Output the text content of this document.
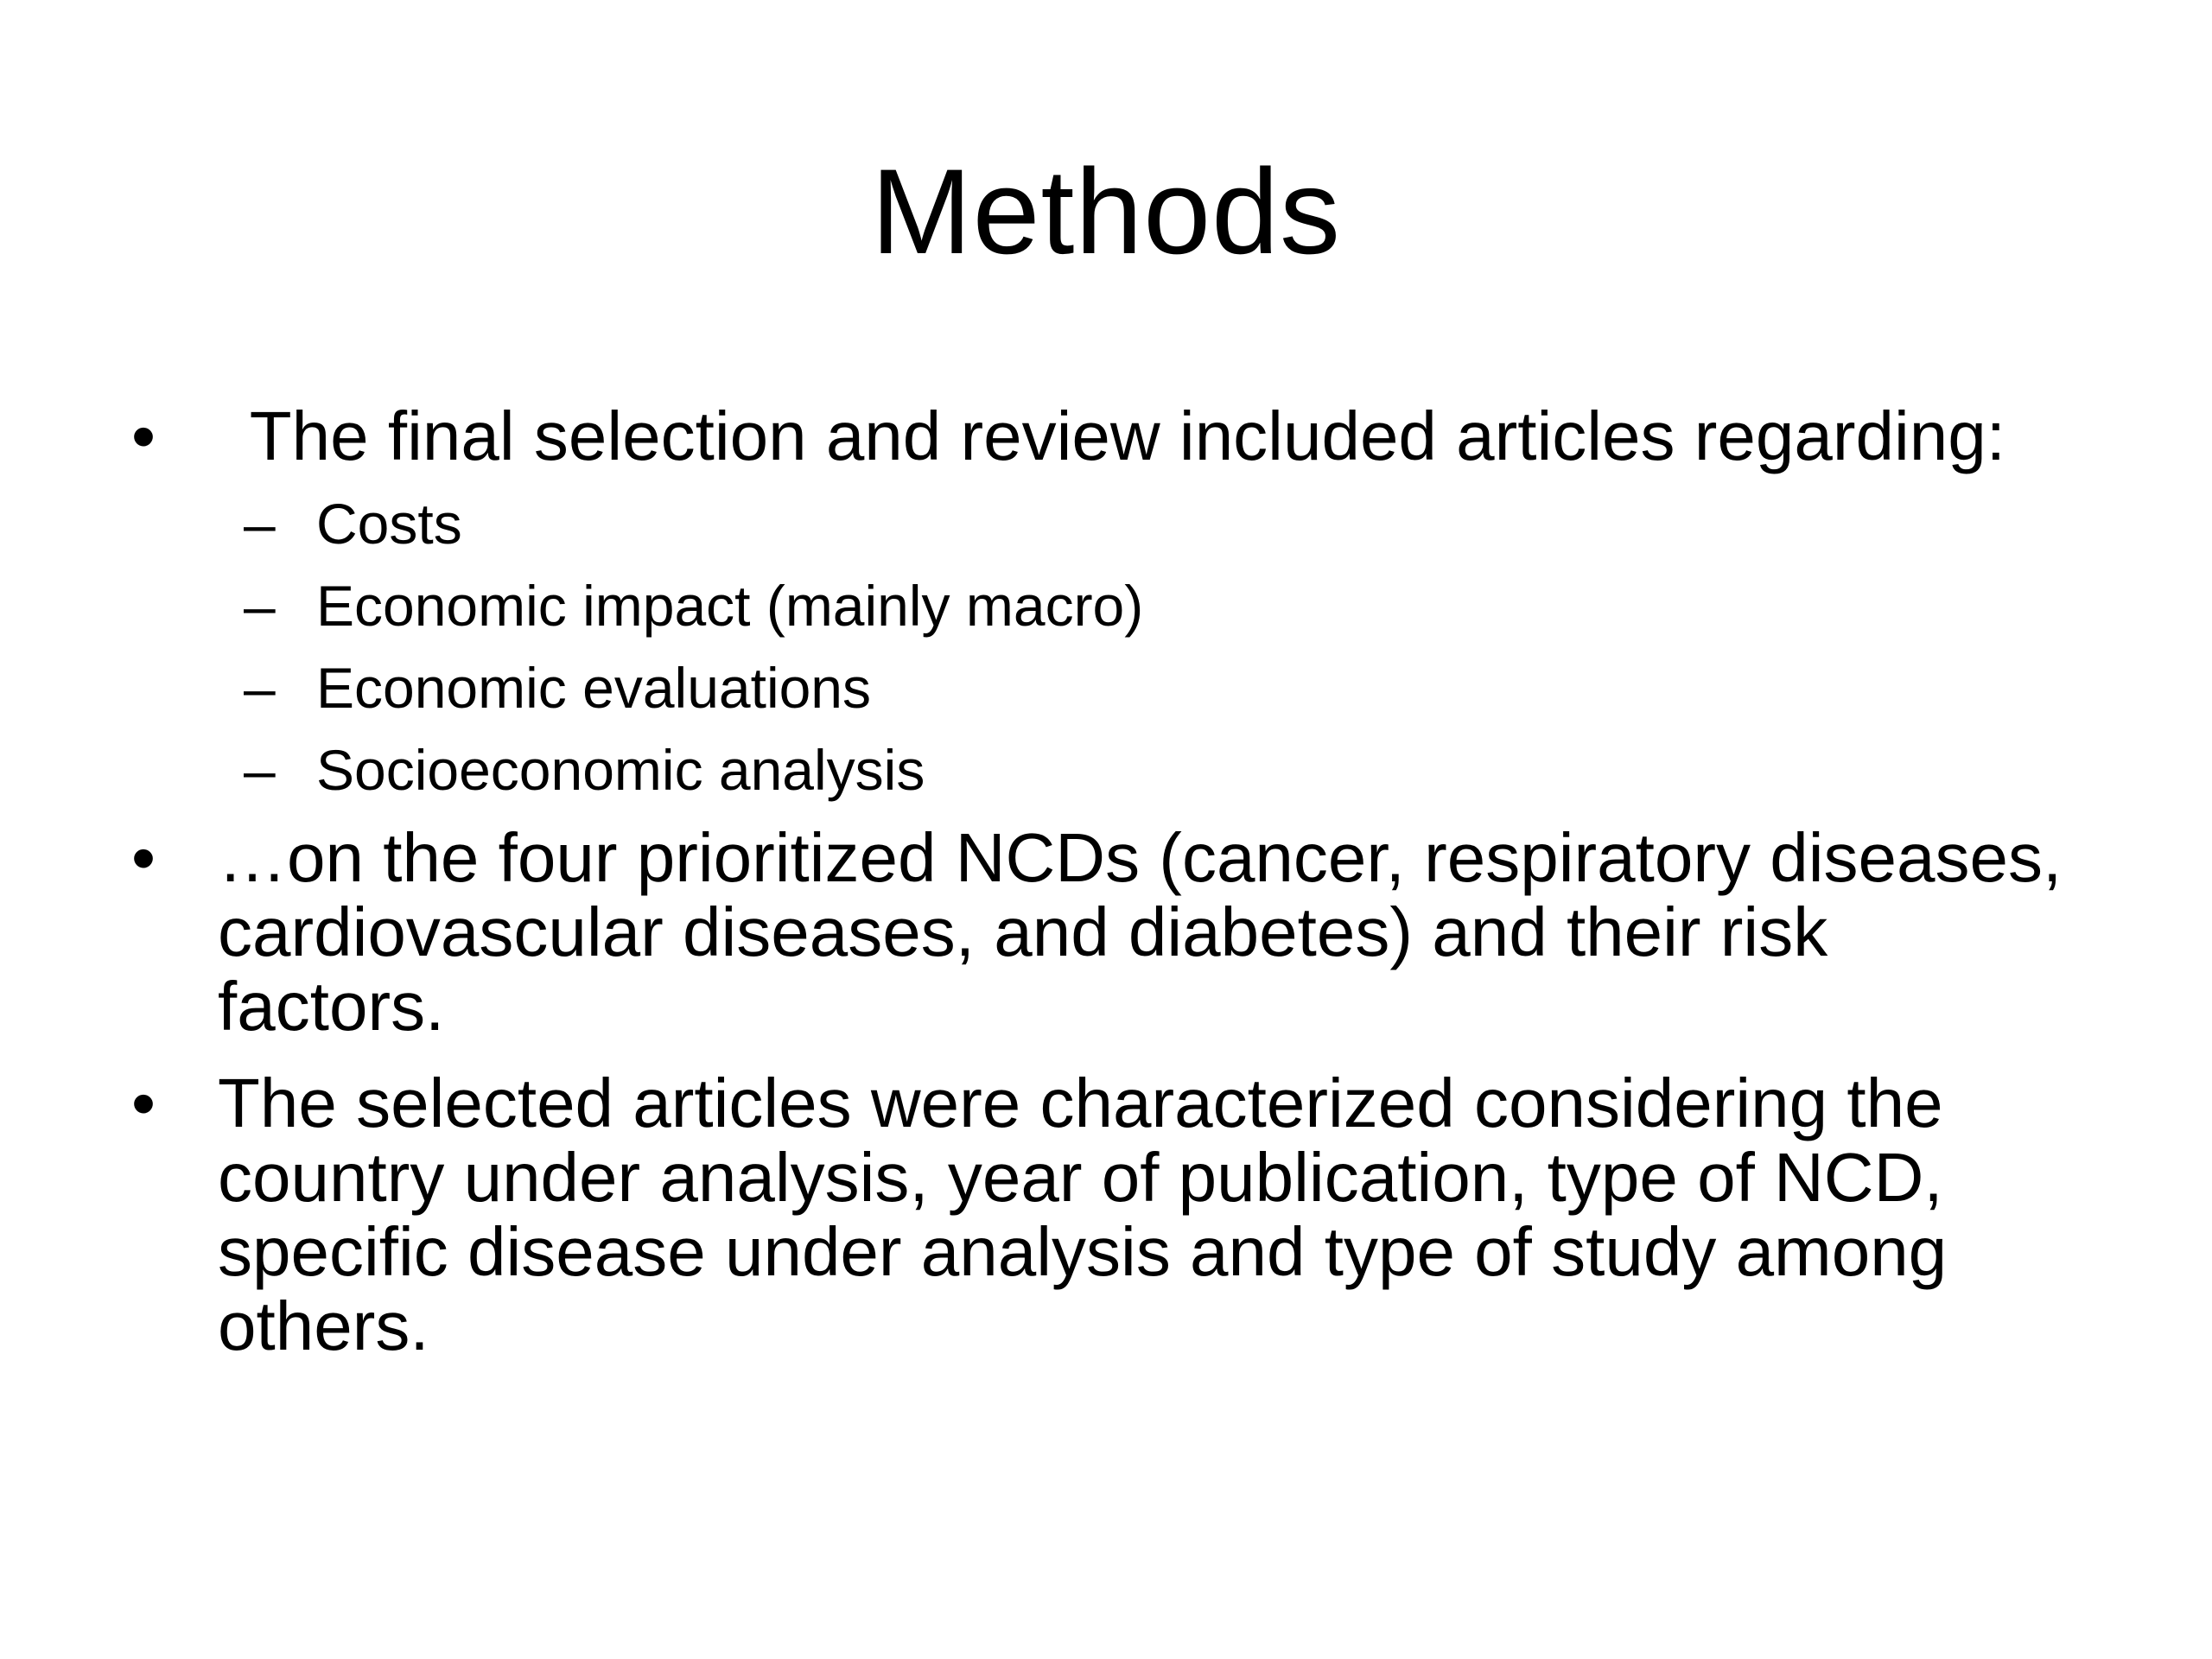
Methods
• The final selection and review included articles regarding:
– Costs
– Economic impact (mainly macro)
– Economic evaluations
– Socioeconomic analysis
• …on the four prioritized NCDs (cancer, respiratory diseases,
cardiovascular diseases, and diabetes) and their risk
factors.
• The selected articles were characterized considering the
country under analysis, year of publication, type of NCD,
specific disease under analysis and type of study among
others.
